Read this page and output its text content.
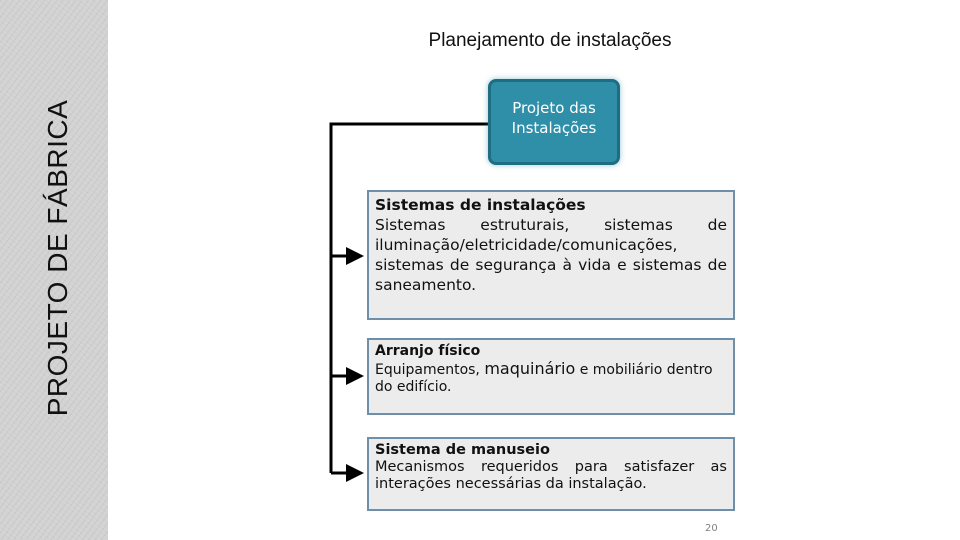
PROJETO DE FÁBRICA
Planejamento de instalações
Projeto das
Instalações
Sistemas de instalações
Sistemas estruturais, sistemas de iluminação/eletricidade/comunicações, sistemas de segurança à vida e sistemas de saneamento.
Arranjo físico
Equipamentos, maquinário e mobiliário dentro do edifício.
Sistema de manuseio
Mecanismos requeridos para satisfazer as interações necessárias da instalação.
20
